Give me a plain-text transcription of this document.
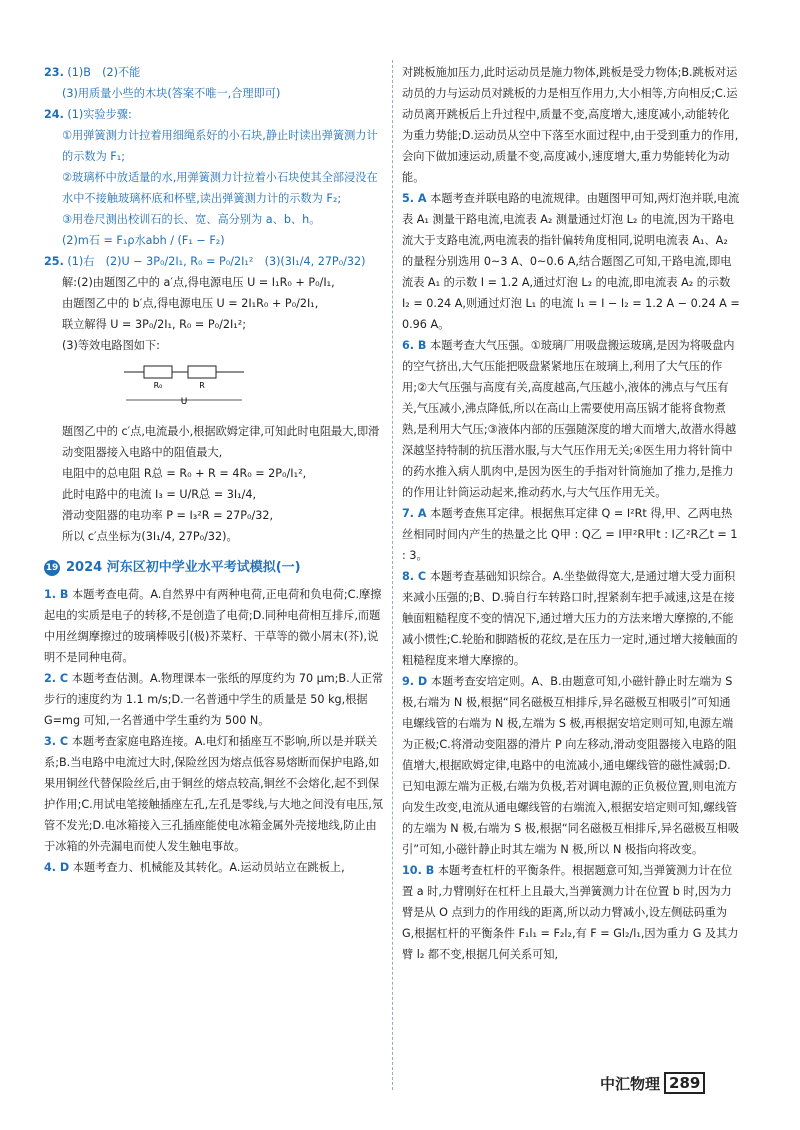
23. (1)B　(2)不能

(3)用质量小些的木块(答案不唯一,合理即可)

24. (1)实验步骤:

①用弹簧测力计拉着用细绳系好的小石块,静止时读出弹簧测力计的示数为 F₁;

②玻璃杯中放适量的水,用弹簧测力计拉着小石块使其全部浸没在水中不接触玻璃杯底和杯壁,读出弹簧测力计的示数为 F₂;

③用卷尺测出校训石的长、宽、高分别为 a、b、h。

(2)m石 = F₁ρ水abh / (F₁ − F₂)

25. (1)右　(2)U − 3P₀/2I₁, R₀ = P₀/2I₁²　(3)(3I₁/4, 27P₀/32)

解:(2)由题图乙中的 a′点,得电源电压 U = I₁R₀ + P₀/I₁,

由题图乙中的 b′点,得电源电压 U = 2I₁R₀ + P₀/2I₁,

联立解得 U = 3P₀/2I₁, R₀ = P₀/2I₁²;

(3)等效电路图如下:

R₀	R
U

题图乙中的 c′点,电流最小,根据欧姆定律,可知此时电阻最大,即滑动变阻器接入电路中的阻值最大,

电阻中的总电阻 R总 = R₀ + R = 4R₀ = 2P₀/I₁²,

此时电路中的电流 I₃ = U/R总 = 3I₁/4,

滑动变阻器的电功率 P = I₃²R = 27P₀/32,

所以 c′点坐标为(3I₁/4, 27P₀/32)。

19 2024 河东区初中学业水平考试模拟(一)

1. B 本题考查电荷。A.自然界中有两种电荷,正电荷和负电荷;C.摩擦起电的实质是电子的转移,不是创造了电荷;D.同种电荷相互排斥,而题中用丝绸摩擦过的玻璃棒吸引(极)芥菜籽、干草等的微小屑末(芥),说明不是同种电荷。

2. C 本题考查估测。A.物理课本一张纸的厚度约为 70 μm;B.人正常步行的速度约为 1.1 m/s;D.一名普通中学生的质量是 50 kg,根据 G=mg 可知,一名普通中学生重约为 500 N。

3. C 本题考查家庭电路连接。A.电灯和插座互不影响,所以是并联关系;B.当电路中电流过大时,保险丝因为熔点低容易熔断而保护电路,如果用铜丝代替保险丝后,由于铜丝的熔点较高,铜丝不会熔化,起不到保护作用;C.用试电笔接触插座左孔,左孔是零线,与大地之间没有电压,氖管不发光;D.电冰箱接入三孔插座能使电冰箱金属外壳接地线,防止由于冰箱的外壳漏电而使人发生触电事故。

4. D 本题考查力、机械能及其转化。A.运动员站立在跳板上,

对跳板施加压力,此时运动员是施力物体,跳板是受力物体;B.跳板对运动员的力与运动员对跳板的力是相互作用力,大小相等,方向相反;C.运动员离开跳板后上升过程中,质量不变,高度增大,速度减小,动能转化为重力势能;D.运动员从空中下落至水面过程中,由于受到重力的作用,会向下做加速运动,质量不变,高度减小,速度增大,重力势能转化为动能。

5. A 本题考查并联电路的电流规律。由题图甲可知,两灯泡并联,电流表 A₁ 测量干路电流,电流表 A₂ 测量通过灯泡 L₂ 的电流,因为干路电流大于支路电流,两电流表的指针偏转角度相同,说明电流表 A₁、A₂ 的量程分别选用 0~3 A、0~0.6 A,结合题图乙可知,干路电流,即电流表 A₁ 的示数 I = 1.2 A,通过灯泡 L₂ 的电流,即电流表 A₂ 的示数 I₂ = 0.24 A,则通过灯泡 L₁ 的电流 I₁ = I − I₂ = 1.2 A − 0.24 A = 0.96 A。

6. B 本题考查大气压强。①玻璃厂用吸盘搬运玻璃,是因为将吸盘内的空气挤出,大气压能把吸盘紧紧地压在玻璃上,利用了大气压的作用;②大气压强与高度有关,高度越高,气压越小,液体的沸点与气压有关,气压减小,沸点降低,所以在高山上需要使用高压锅才能将食物煮熟,是利用大气压;③液体内部的压强随深度的增大而增大,故潜水得越深越坚持特制的抗压潜水服,与大气压作用无关;④医生用力将针筒中的药水推入病人肌肉中,是因为医生的手指对针筒施加了推力,是推力的作用让针筒运动起来,推动药水,与大气压作用无关。

7. A 本题考查焦耳定律。根据焦耳定律 Q = I²Rt 得,甲、乙两电热丝相同时间内产生的热量之比 Q甲 : Q乙 = I甲²R甲t : I乙²R乙t = 1 : 3。

8. C 本题考查基础知识综合。A.坐垫做得宽大,是通过增大受力面积来减小压强的;B、D.骑自行车转路口时,捏紧刹车把手减速,这是在接触面粗糙程度不变的情况下,通过增大压力的方法来增大摩擦的,不能减小惯性;C.轮胎和脚踏板的花纹,是在压力一定时,通过增大接触面的粗糙程度来增大摩擦的。

9. D 本题考查安培定则。A、B.由题意可知,小磁针静止时左端为 S 极,右端为 N 极,根据“同名磁极互相排斥,异名磁极互相吸引”可知通电螺线管的右端为 N 极,左端为 S 极,再根据安培定则可知,电源左端为正极;C.将滑动变阻器的滑片 P 向左移动,滑动变阻器接入电路的阻值增大,根据欧姆定律,电路中的电流减小,通电螺线管的磁性减弱;D.已知电源左端为正极,右端为负极,若对调电源的正负极位置,则电流方向发生改变,电流从通电螺线管的右端流入,根据安培定则可知,螺线管的左端为 N 极,右端为 S 极,根据“同名磁极互相排斥,异名磁极互相吸引”可知,小磁针静止时其左端为 N 极,所以 N 极指向将改变。

10. B 本题考查杠杆的平衡条件。根据题意可知,当弹簧测力计在位置 a 时,力臂刚好在杠杆上且最大,当弹簧测力计在位置 b 时,因为力臂是从 O 点到力的作用线的距离,所以动力臂减小,设左侧砝码重为 G,根据杠杆的平衡条件 F₁l₁ = F₂l₂,有 F = Gl₂/l₁,因为重力 G 及其力臂 l₂ 都不变,根据几何关系可知,

中汇物理 289
